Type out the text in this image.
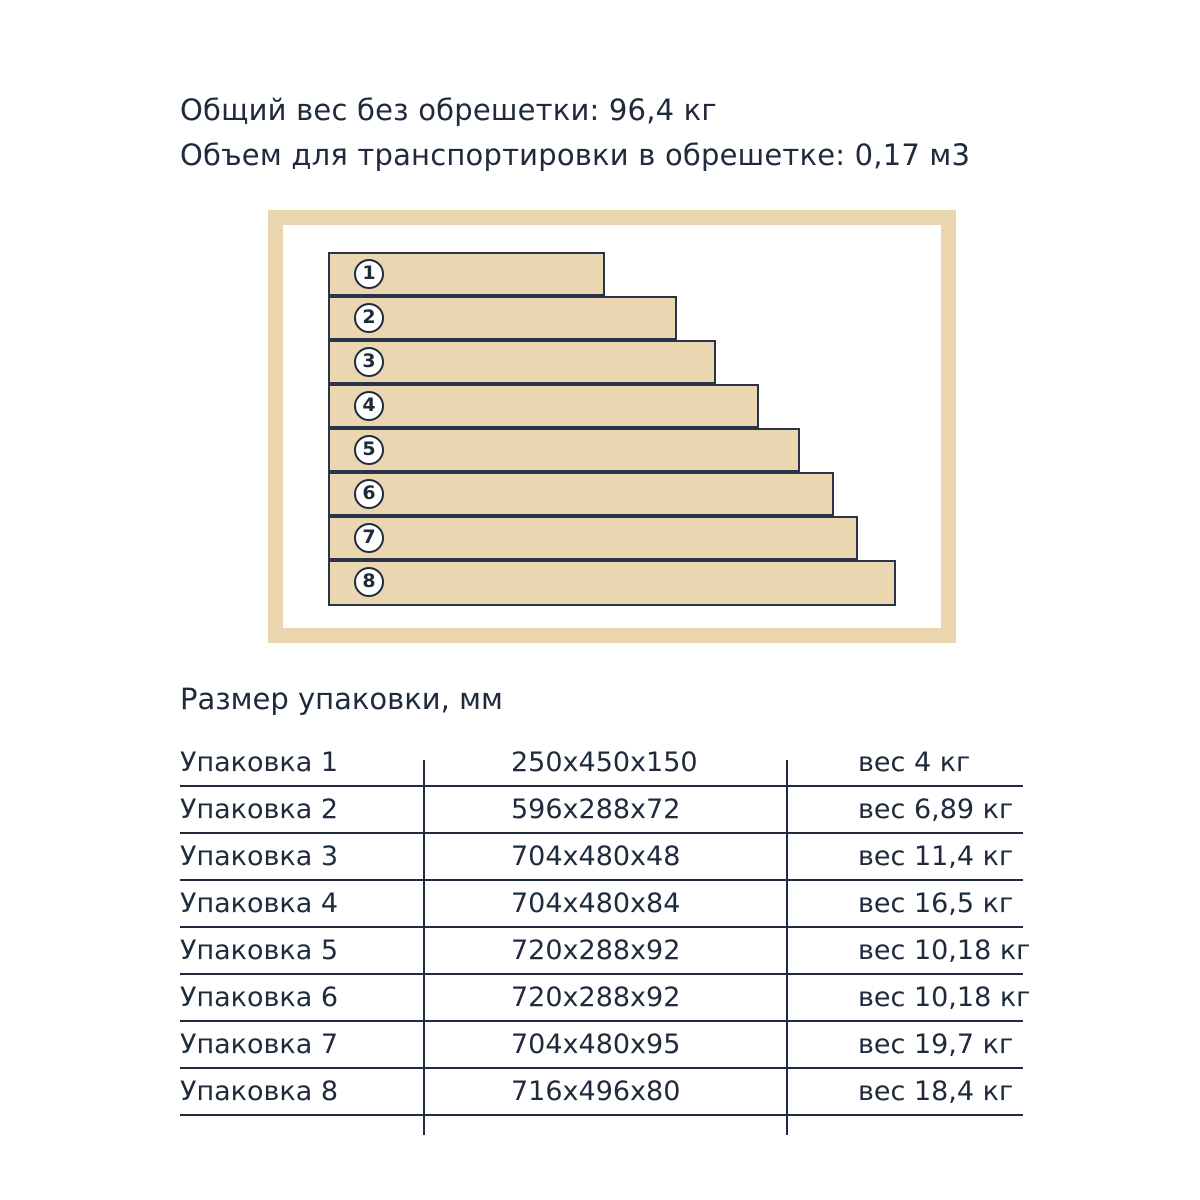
Общий вес без обрешетки: 96,4 кг
Объем для транспортировки в обрешетке: 0,17 м3
1
2
3
4
5
6
7
8
Размер упаковки, мм
Упаковка 1	250x450x150	вес 4 кг
Упаковка 2	596x288x72	вес 6,89 кг
Упаковка 3	704x480x48	вес 11,4 кг
Упаковка 4	704x480x84	вес 16,5 кг
Упаковка 5	720x288x92	вес 10,18 кг
Упаковка 6	720x288x92	вес 10,18 кг
Упаковка 7	704x480x95	вес 19,7 кг
Упаковка 8	716x496x80	вес 18,4 кг
